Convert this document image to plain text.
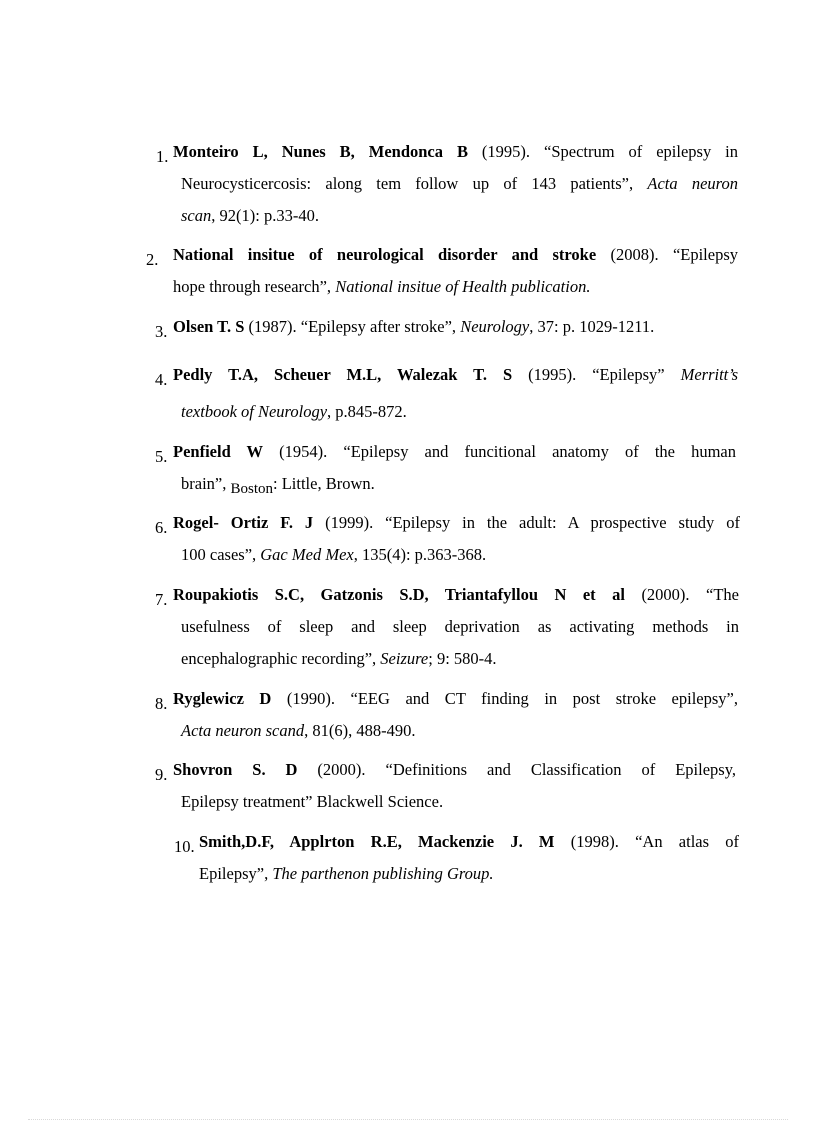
1. Monteiro L, Nunes B, Mendonca B (1995). “Spectrum of epilepsy in
Neurocysticercosis: along tem follow up of 143 patients”, Acta neuron
scan, 92(1): p.33-40.
2. National insitue of neurological disorder and stroke (2008). “Epilepsy
hope through research”, National insitue of Health publication.
3. Olsen T. S (1987). “Epilepsy after stroke”, Neurology, 37: p. 1029-1211.
4. Pedly T.A, Scheuer M.L, Walezak T. S (1995). “Epilepsy” Merritt’s
textbook of Neurology, p.845-872.
5. Penfield W (1954). “Epilepsy and funcitional anatomy of the human
brain”, Boston: Little, Brown.
6. Rogel- Ortiz F. J (1999). “Epilepsy in the adult: A prospective study of
100 cases”, Gac Med Mex, 135(4): p.363-368.
7. Roupakiotis S.C, Gatzonis S.D, Triantafyllou N et al (2000). “The
usefulness of sleep and sleep deprivation as activating methods in
encephalographic recording”, Seizure; 9: 580-4.
8. Ryglewicz D (1990). “EEG and CT finding in post stroke epilepsy”,
Acta neuron scand, 81(6), 488-490.
9. Shovron S. D (2000). “Definitions and Classification of Epilepsy,
Epilepsy treatment” Blackwell Science.
10. Smith,D.F, Applrton R.E, Mackenzie J. M (1998). “An atlas of
Epilepsy”, The parthenon publishing Group.
